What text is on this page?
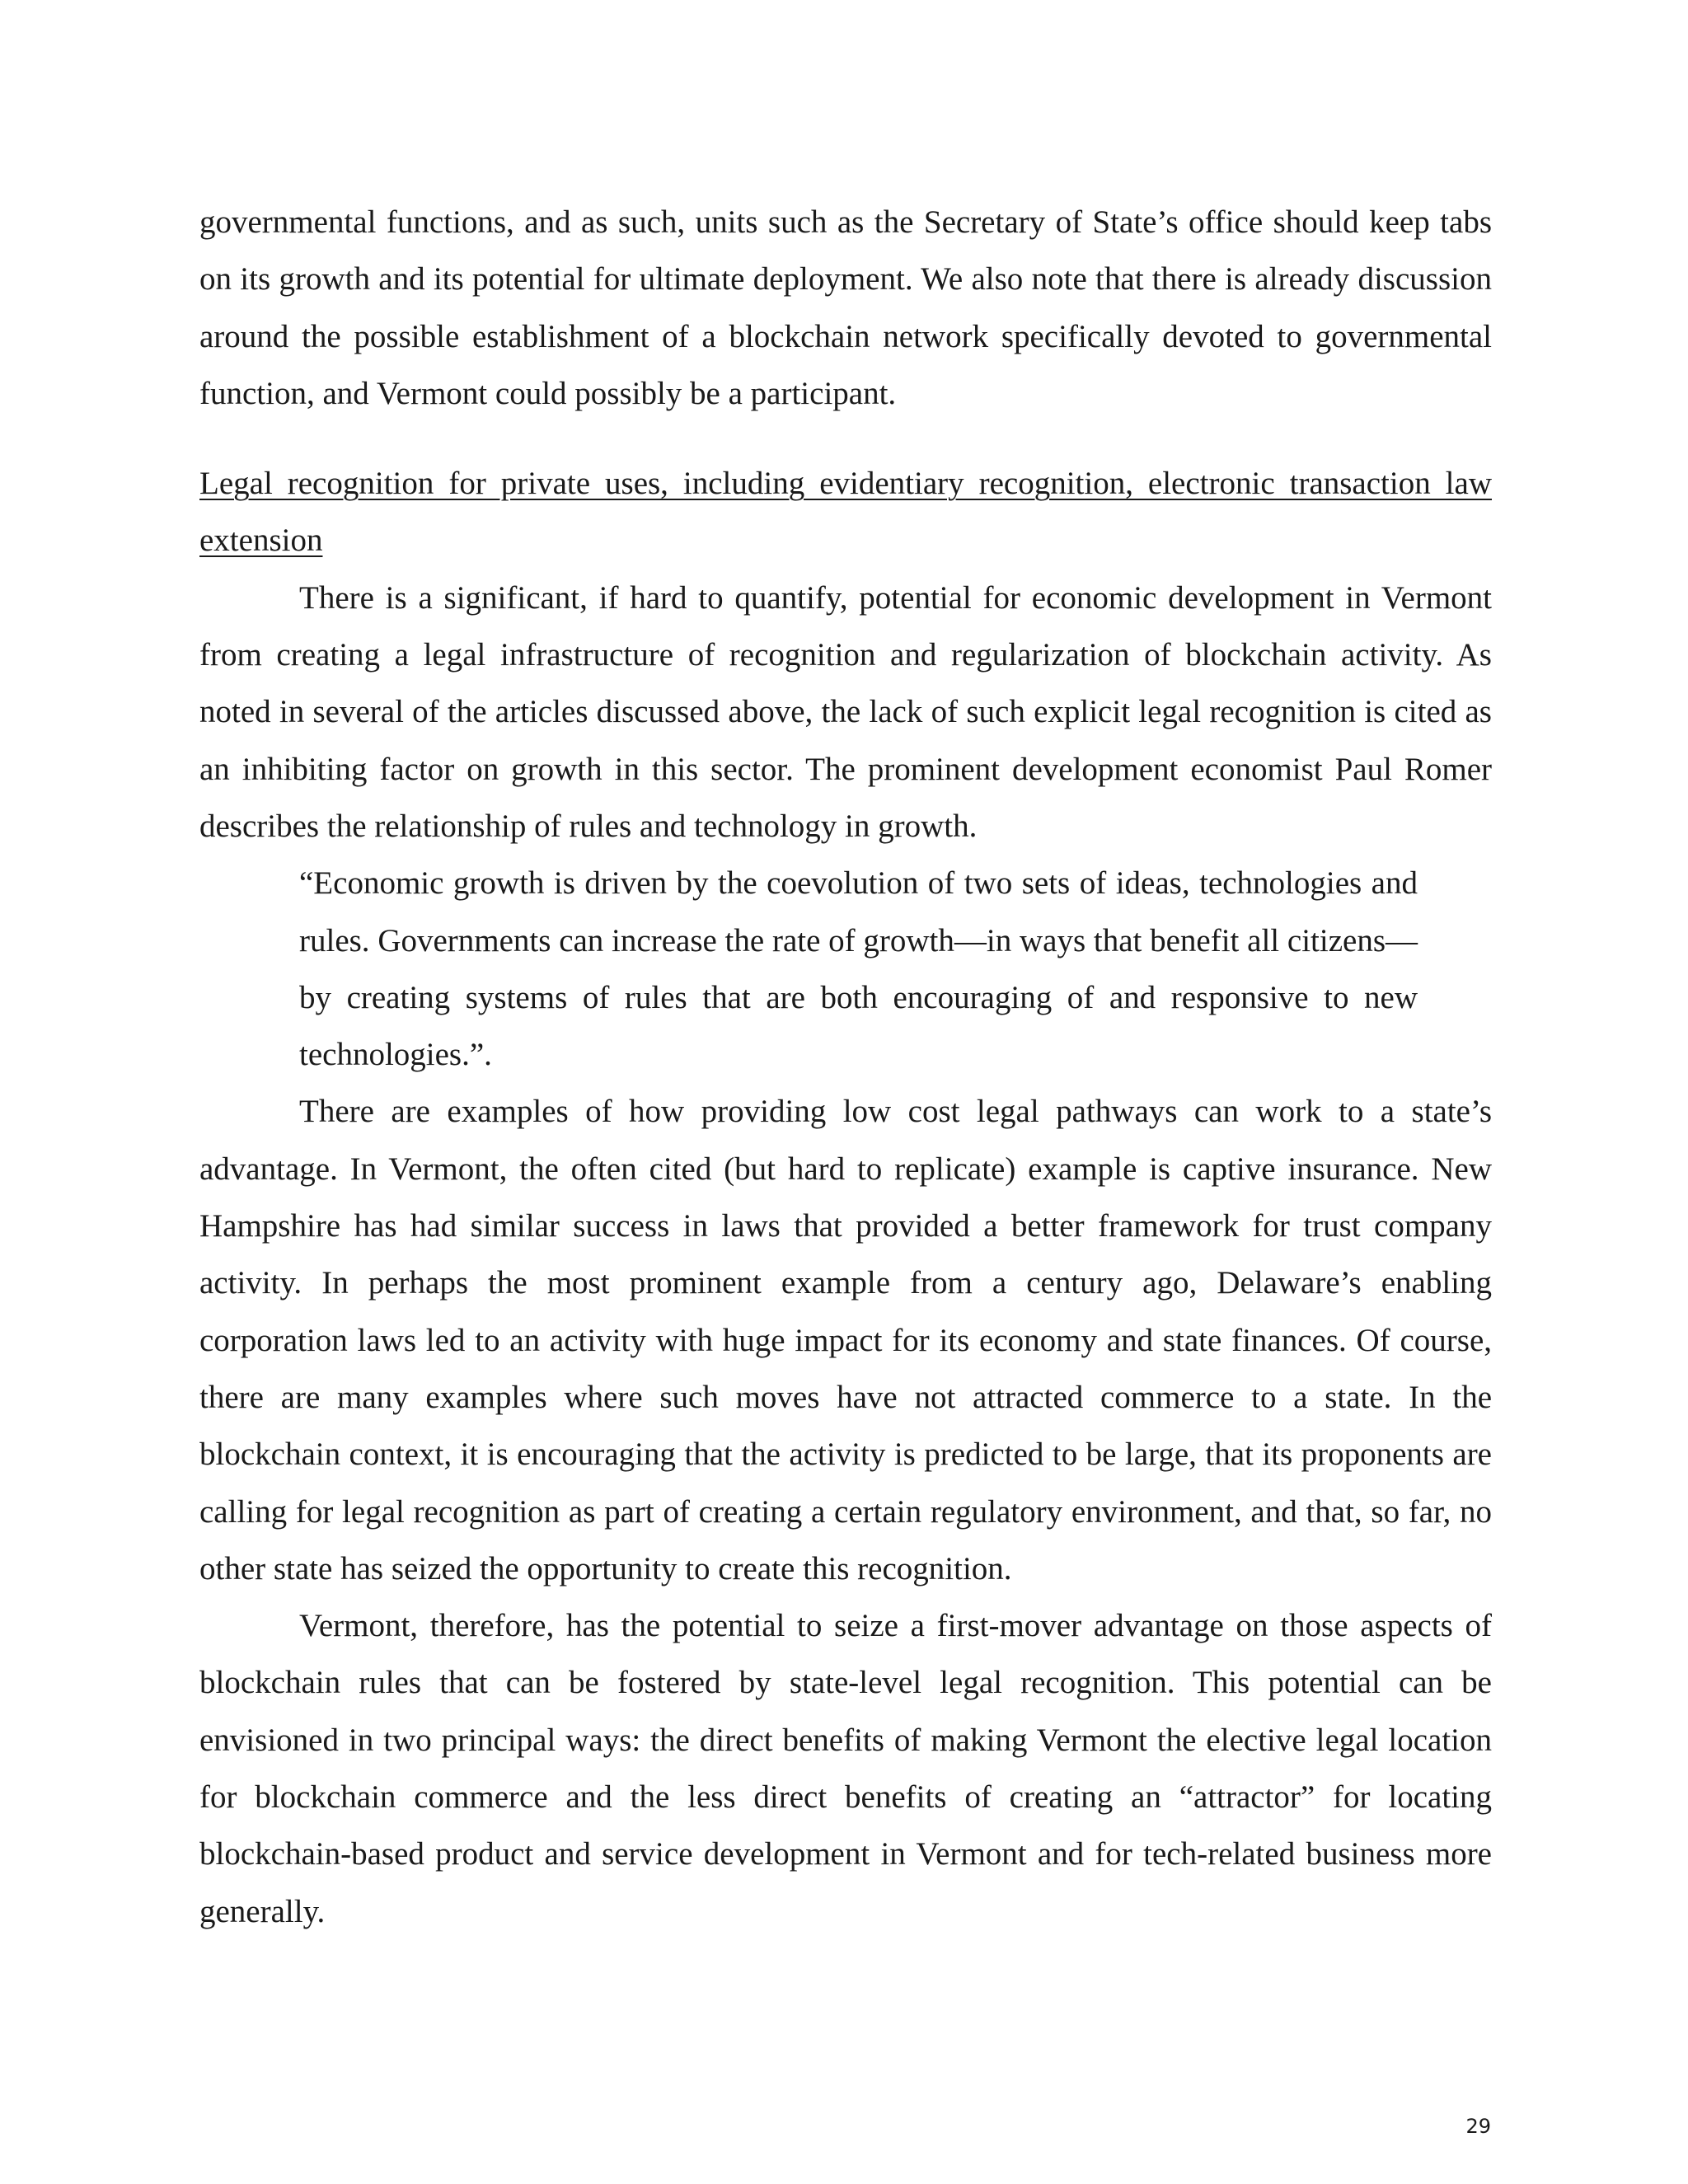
governmental functions, and as such, units such as the Secretary of State’s office should keep tabs on its growth and its potential for ultimate deployment. We also note that there is already discussion around the possible establishment of a blockchain network specifically devoted to governmental function, and Vermont could possibly be a participant.

Legal recognition for private uses, including evidentiary recognition, electronic transaction law extension

There is a significant, if hard to quantify, potential for economic development in Vermont from creating a legal infrastructure of recognition and regularization of blockchain activity. As noted in several of the articles discussed above, the lack of such explicit legal recognition is cited as an inhibiting factor on growth in this sector. The prominent development economist Paul Romer describes the relationship of rules and technology in growth.

“Economic growth is driven by the coevolution of two sets of ideas, technologies and rules. Governments can increase the rate of growth—in ways that benefit all citizens—by creating systems of rules that are both encouraging of and responsive to new technologies.”.

There are examples of how providing low cost legal pathways can work to a state’s advantage. In Vermont, the often cited (but hard to replicate) example is captive insurance. New Hampshire has had similar success in laws that provided a better framework for trust company activity. In perhaps the most prominent example from a century ago, Delaware’s enabling corporation laws led to an activity with huge impact for its economy and state finances. Of course, there are many examples where such moves have not attracted commerce to a state. In the blockchain context, it is encouraging that the activity is predicted to be large, that its proponents are calling for legal recognition as part of creating a certain regulatory environment, and that, so far, no other state has seized the opportunity to create this recognition.

Vermont, therefore, has the potential to seize a first-mover advantage on those aspects of blockchain rules that can be fostered by state-level legal recognition. This potential can be envisioned in two principal ways: the direct benefits of making Vermont the elective legal location for blockchain commerce and the less direct benefits of creating an “attractor” for locating blockchain-based product and service development in Vermont and for tech-related business more generally.

29
